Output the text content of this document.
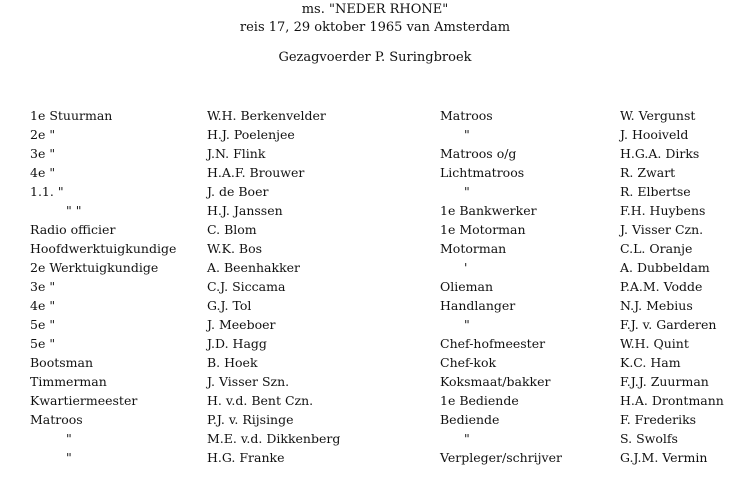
ms. "NEDER RHONE"
reis 17, 29 oktober 1965 van Amsterdam
Gezagvoerder P. Suringbroek
1e Stuurman
2e "
3e "
4e "
1.1. "
" "
Radio officier
Hoofdwerktuigkundige
2e Werktuigkundige
3e "
4e "
5e "
5e "
Bootsman
Timmerman
Kwartiermeester
Matroos
"
"
W.H. Berkenvelder
H.J. Poelenjee
J.N. Flink
H.A.F. Brouwer
J. de Boer
H.J. Janssen
C. Blom
W.K. Bos
A. Beenhakker
C.J. Siccama
G.J. Tol
J. Meeboer
J.D. Hagg
B. Hoek
J. Visser Szn.
H. v.d. Bent Czn.
P.J. v. Rijsinge
M.E. v.d. Dikkenberg
H.G. Franke
Matroos
"
Matroos o/g
Lichtmatroos
"
1e Bankwerker
1e Motorman
Motorman
'
Olieman
Handlanger
"
Chef-hofmeester
Chef-kok
Koksmaat/bakker
1e Bediende
Bediende
"
Verpleger/schrijver
W. Vergunst
J. Hooiveld
H.G.A. Dirks
R. Zwart
R. Elbertse
F.H. Huybens
J. Visser Czn.
C.L. Oranje
A. Dubbeldam
P.A.M. Vodde
N.J. Mebius
F.J. v. Garderen
W.H. Quint
K.C. Ham
F.J.J. Zuurman
H.A. Drontmann
F. Frederiks
S. Swolfs
G.J.M. Vermin
